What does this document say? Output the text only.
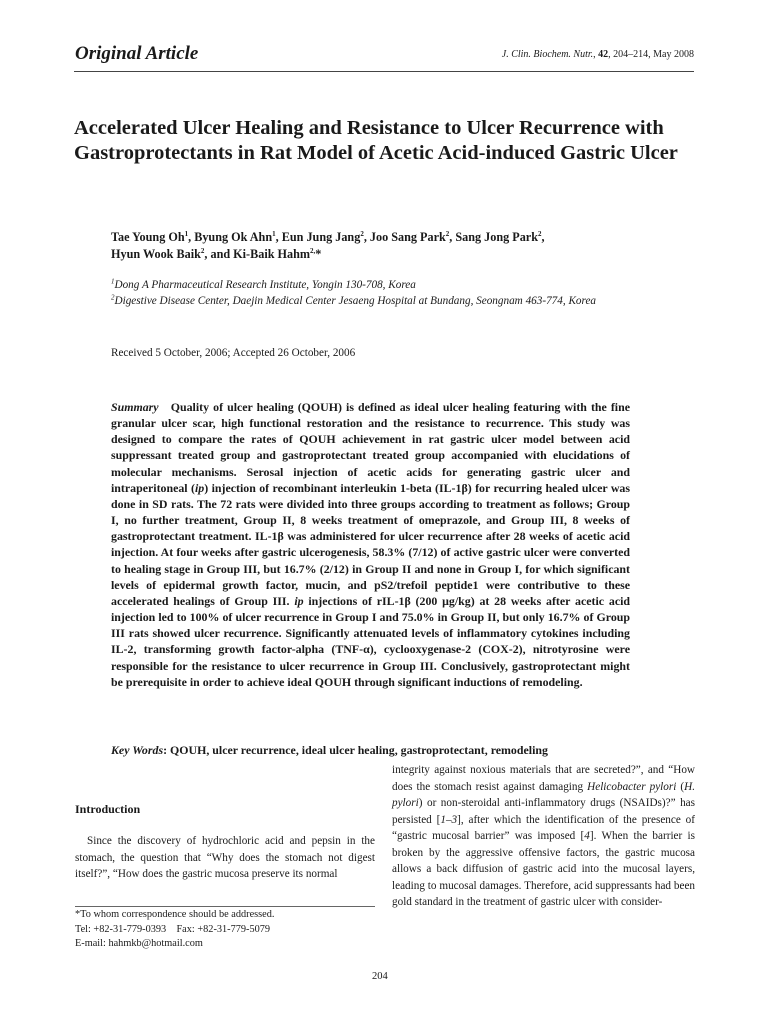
Original Article	J. Clin. Biochem. Nutr., 42, 204–214, May 2008
Accelerated Ulcer Healing and Resistance to Ulcer Recurrence with Gastroprotectants in Rat Model of Acetic Acid-induced Gastric Ulcer
Tae Young Oh$^1$, Byung Ok Ahn$^1$, Eun Jung Jang$^2$, Joo Sang Park$^2$, Sang Jong Park$^2$,
Hyun Wook Baik$^2$, and Ki-Baik Hahm$^{2,}$*
$^1$Dong A Pharmaceutical Research Institute, Yongin 130-708, Korea
$^2$Digestive Disease Center, Daejin Medical Center Jesaeng Hospital at Bundang, Seongnam 463-774, Korea
Received 5 October, 2006; Accepted 26 October, 2006
Summary Quality of ulcer healing (QOUH) is defined as ideal ulcer healing featuring with the fine granular ulcer scar, high functional restoration and the resistance to recurrence. This study was designed to compare the rates of QOUH achievement in rat gastric ulcer model between acid suppressant treated group and gastroprotectant treated group accompanied with elucidations of molecular mechanisms. Serosal injection of acetic acids for generating gastric ulcer and intraperitoneal (ip) injection of recombinant interleukin 1-beta (IL-1β) for recurring healed ulcer was done in SD rats. The 72 rats were divided into three groups according to treatment as follows; Group I, no further treatment, Group II, 8 weeks treatment of omeprazole, and Group III, 8 weeks of gastroprotectant treatment. IL-1β was administered for ulcer recurrence after 28 weeks of acetic acid injection. At four weeks after gastric ulcerogenesis, 58.3% (7/12) of active gastric ulcer were converted to healing stage in Group III, but 16.7% (2/12) in Group II and none in Group I, for which significant levels of epidermal growth factor, mucin, and pS2/trefoil peptide1 were contributive to these accelerated healings of Group III. ip injections of rIL-1β (200 μg/kg) at 28 weeks after acetic acid injection led to 100% of ulcer recurrence in Group I and 75.0% in Group II, but only 16.7% of Group III rats showed ulcer recurrence. Significantly attenuated levels of inflammatory cytokines including IL-2, transforming growth factor-alpha (TNF-α), cyclooxygenase-2 (COX-2), nitrotyrosine were responsible for the resistance to ulcer recurrence in Group III. Conclusively, gastroprotectant might be prerequisite in order to achieve ideal QOUH through significant inductions of remodeling.
Key Words: QOUH, ulcer recurrence, ideal ulcer healing, gastroprotectant, remodeling
Introduction
Since the discovery of hydrochloric acid and pepsin in the stomach, the question that “Why does the stomach not digest itself?”, “How does the gastric mucosa preserve its normal
*To whom correspondence should be addressed.
Tel: +82-31-779-0393    Fax: +82-31-779-5079
E-mail: hahmkb@hotmail.com
integrity against noxious materials that are secreted?”, and “How does the stomach resist against damaging Helicobacter pylori (H. pylori) or non-steroidal anti-inflammatory drugs (NSAIDs)?” has persisted [1–3], after which the identification of the presence of “gastric mucosal barrier” was imposed [4]. When the barrier is broken by the aggressive offensive factors, the gastric mucosa allows a back diffusion of gastric acid into the mucosal layers, leading to mucosal damages. Therefore, acid suppressants had been gold standard in the treatment of gastric ulcer with consider-
204
